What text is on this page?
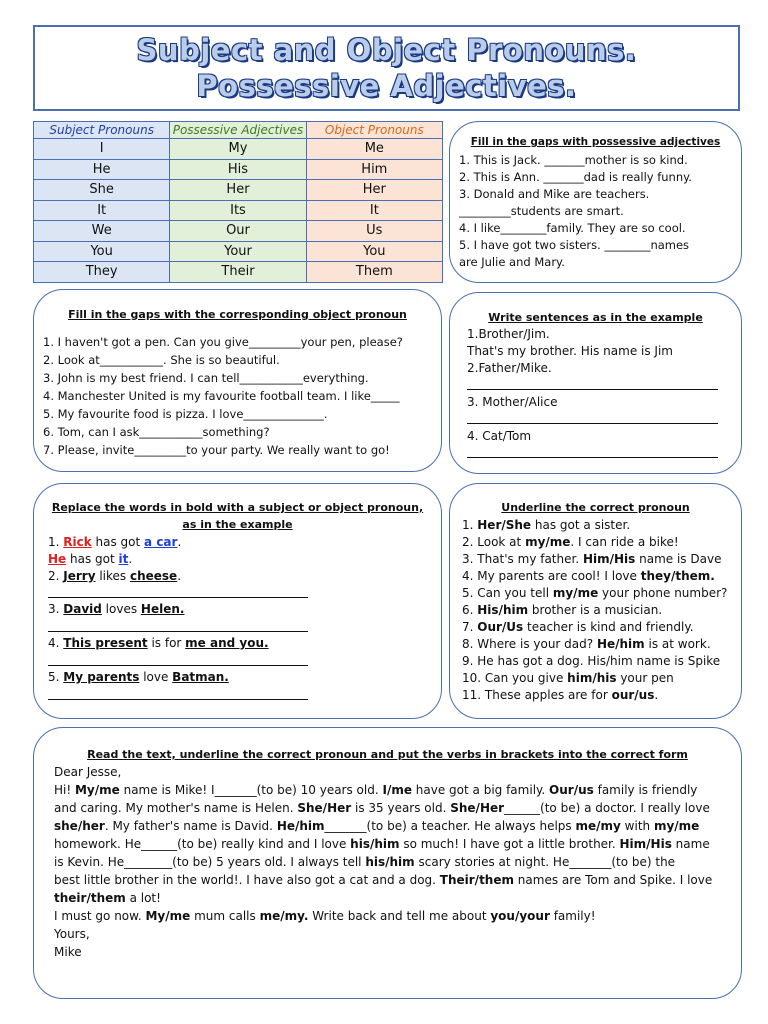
Subject and Object Pronouns.
Possessive Adjectives.
Subject Pronouns	Possessive Adjectives	Object Pronouns
I	My	Me
He	His	Him
She	Her	Her
It	Its	It
We	Our	Us
You	Your	You
They	Their	Them
Fill in the gaps with possessive adjectives
1. This is Jack. _______mother is so kind.
2. This is Ann. _______dad is really funny.
3. Donald and Mike are teachers.
_________students are smart.
4. I like________family. They are so cool.
5. I have got two sisters. ________names
are Julie and Mary.
Fill in the gaps with the corresponding object pronoun
1. I haven't got a pen. Can you give_________your pen, please?
2. Look at___________. She is so beautiful.
3. John is my best friend. I can tell___________everything.
4. Manchester United is my favourite football team. I like_____
5. My favourite food is pizza. I love______________.
6. Tom, can I ask___________something?
7. Please, invite_________to your party. We really want to go!
Write sentences as in the example
1.Brother/Jim.
That's my brother. His name is Jim
2.Father/Mike.
3. Mother/Alice
4. Cat/Tom
Replace the words in bold with a subject or object pronoun,
as in the example
1. Rick has got a car.
He has got it.
2. Jerry likes cheese.
3. David loves Helen.
4. This present is for me and you.
5. My parents love Batman.
Underline the correct pronoun
1. Her/She has got a sister.
2. Look at my/me. I can ride a bike!
3. That's my father. Him/His name is Dave
4. My parents are cool! I love they/them.
5. Can you tell my/me your phone number?
6. His/him brother is a musician.
7. Our/Us teacher is kind and friendly.
8. Where is your dad? He/him is at work.
9. He has got a dog. His/him name is Spike
10. Can you give him/his your pen
11. These apples are for our/us.
Read the text, underline the correct pronoun and put the verbs in brackets into the correct form
Dear Jesse,
Hi! My/me name is Mike! I_______(to be) 10 years old. I/me have got a big family. Our/us family is friendly
and caring. My mother's name is Helen. She/Her is 35 years old. She/Her______(to be) a doctor. I really love
she/her. My father's name is David. He/him_______(to be) a teacher. He always helps me/my with my/me
homework. He______(to be) really kind and I love his/him so much! I have got a little brother. Him/His name
is Kevin. He________(to be) 5 years old. I always tell his/him scary stories at night. He_______(to be) the
best little brother in the world!. I have also got a cat and a dog. Their/them names are Tom and Spike. I love
their/them a lot!
I must go now. My/me mum calls me/my. Write back and tell me about you/your family!
Yours,
Mike
